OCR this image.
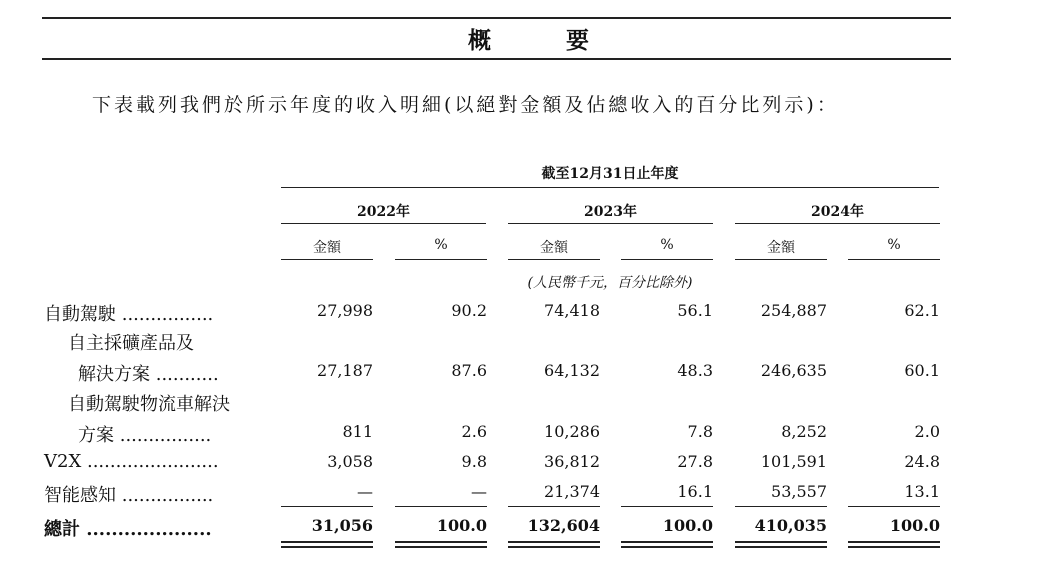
概　要
下表載列我們於所示年度的收入明細(以絕對金額及佔總收入的百分比列示)：
截至12月31日止年度
2022年	2023年	2024年
金額	%	金額	%	金額	%
(人民幣千元，百分比除外)
自動駕駛 ................	27,998	90.2	74,418	56.1	254,887	62.1
自主採礦產品及
解決方案 ...........	27,187	87.6	64,132	48.3	246,635	60.1
自動駕駛物流車解決
方案 ................	811	2.6	10,286	7.8	8,252	2.0
V2X .......................	3,058	9.8	36,812	27.8	101,591	24.8
智能感知 ................	—	—	21,374	16.1	53,557	13.1
總計 ....................	31,056	100.0	132,604	100.0	410,035	100.0
